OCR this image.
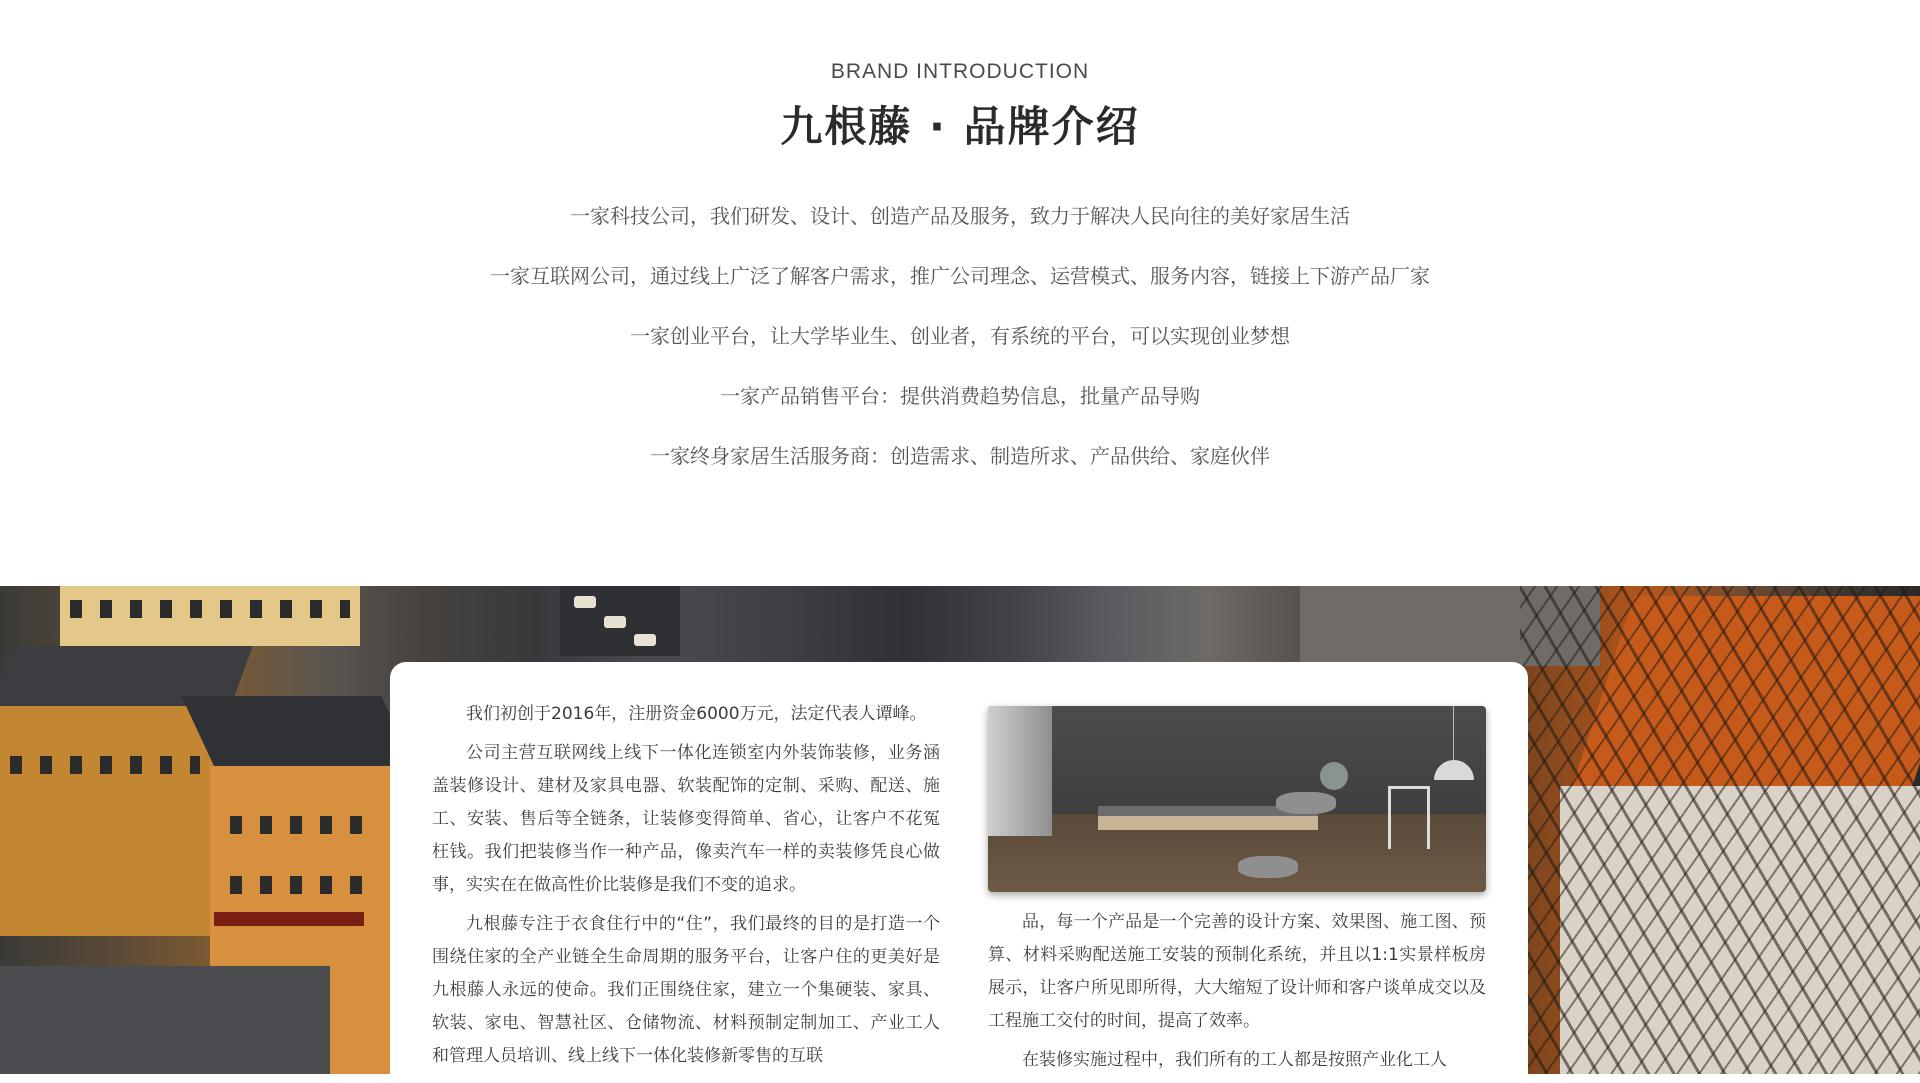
BRAND INTRODUCTION
九根藤 · 品牌介绍
一家科技公司，我们研发、设计、创造产品及服务，致力于解决人民向往的美好家居生活
一家互联网公司，通过线上广泛了解客户需求，推广公司理念、运营模式、服务内容，链接上下游产品厂家
一家创业平台，让大学毕业生、创业者，有系统的平台，可以实现创业梦想
一家产品销售平台：提供消费趋势信息，批量产品导购
一家终身家居生活服务商：创造需求、制造所求、产品供给、家庭伙伴

我们初创于2016年，注册资金6000万元，法定代表人谭峰。

公司主营互联网线上线下一体化连锁室内外装饰装修，业务涵盖装修设计、建材及家具电器、软装配饰的定制、采购、配送、施工、安装、售后等全链条，让装修变得简单、省心，让客户不花冤枉钱。我们把装修当作一种产品，像卖汽车一样的卖装修凭良心做事，实实在在做高性价比装修是我们不变的追求。

九根藤专注于衣食住行中的“住”，我们最终的目的是打造一个围绕住家的全产业链全生命周期的服务平台，让客户住的更美好是九根藤人永远的使命。我们正围绕住家，建立一个集硬装、家具、软装、家电、智慧社区、仓储物流、材料预制定制加工、产业工人和管理人员培训、线上线下一体化装修新零售的互联

品，每一个产品是一个完善的设计方案、效果图、施工图、预算、材料采购配送施工安装的预制化系统，并且以1:1实景样板房展示，让客户所见即所得，大大缩短了设计师和客户谈单成交以及工程施工交付的时间，提高了效率。

在装修实施过程中，我们所有的工人都是按照产业化工人
